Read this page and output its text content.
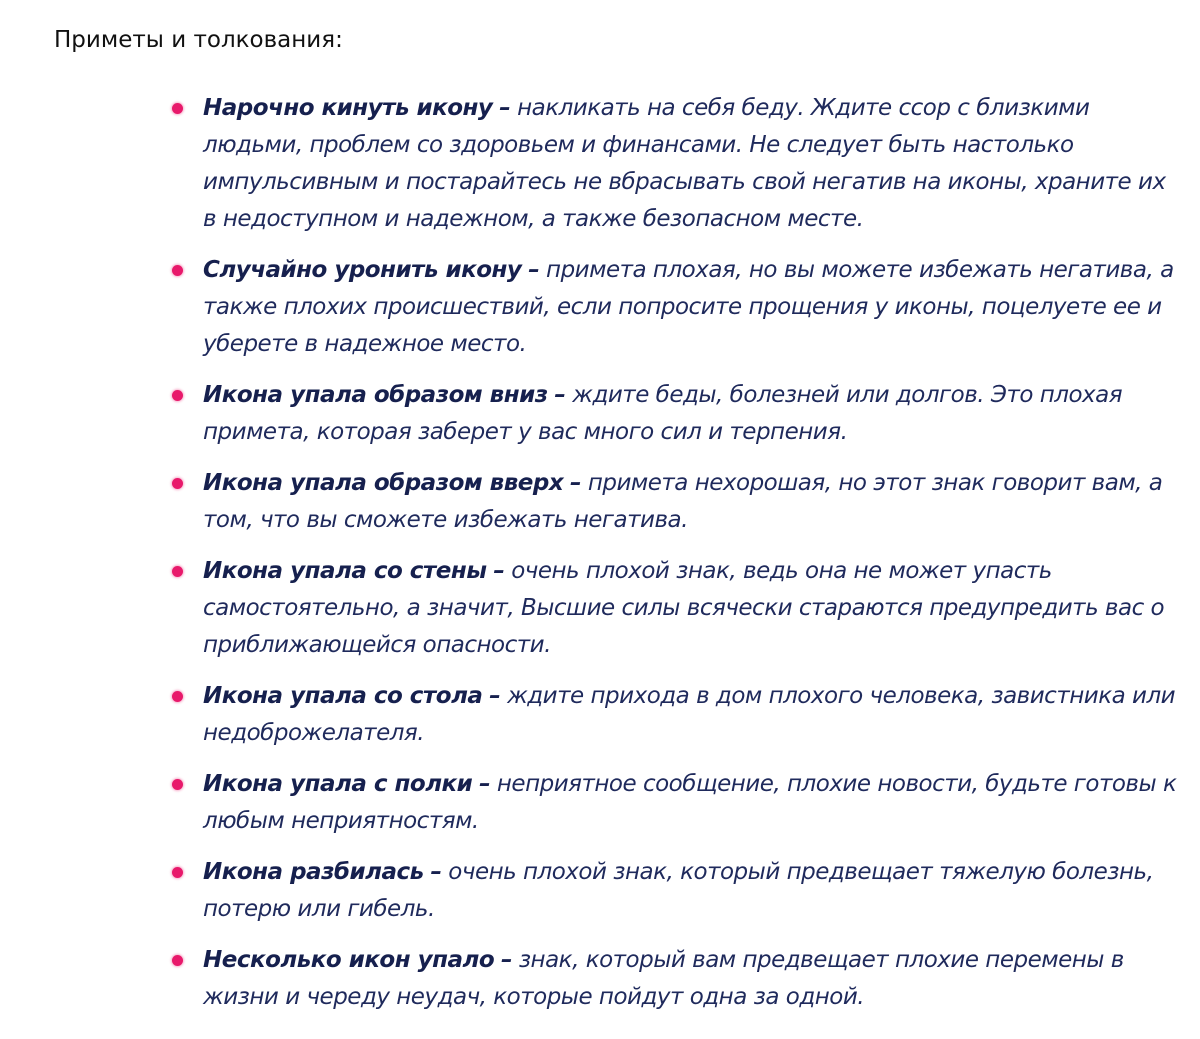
Приметы и толкования:
Нарочно кинуть икону – накликать на себя беду. Ждите ссор с близкими людьми, проблем со здоровьем и финансами. Не следует быть настолько импульсивным и постарайтесь не вбрасывать свой негатив на иконы, храните их в недоступном и надежном, а также безопасном месте.
Случайно уронить икону – примета плохая, но вы можете избежать негатива, а также плохих происшествий, если попросите прощения у иконы, поцелуете ее и уберете в надежное место.
Икона упала образом вниз – ждите беды, болезней или долгов. Это плохая примета, которая заберет у вас много сил и терпения.
Икона упала образом вверх – примета нехорошая, но этот знак говорит вам, а том, что вы сможете избежать негатива.
Икона упала со стены – очень плохой знак, ведь она не может упасть самостоятельно, а значит, Высшие силы всячески стараются предупредить вас о приближающейся опасности.
Икона упала со стола – ждите прихода в дом плохого человека, завистника или недоброжелателя.
Икона упала с полки – неприятное сообщение, плохие новости, будьте готовы к любым неприятностям.
Икона разбилась – очень плохой знак, который предвещает тяжелую болезнь, потерю или гибель.
Несколько икон упало – знак, который вам предвещает плохие перемены в жизни и череду неудач, которые пойдут одна за одной.
